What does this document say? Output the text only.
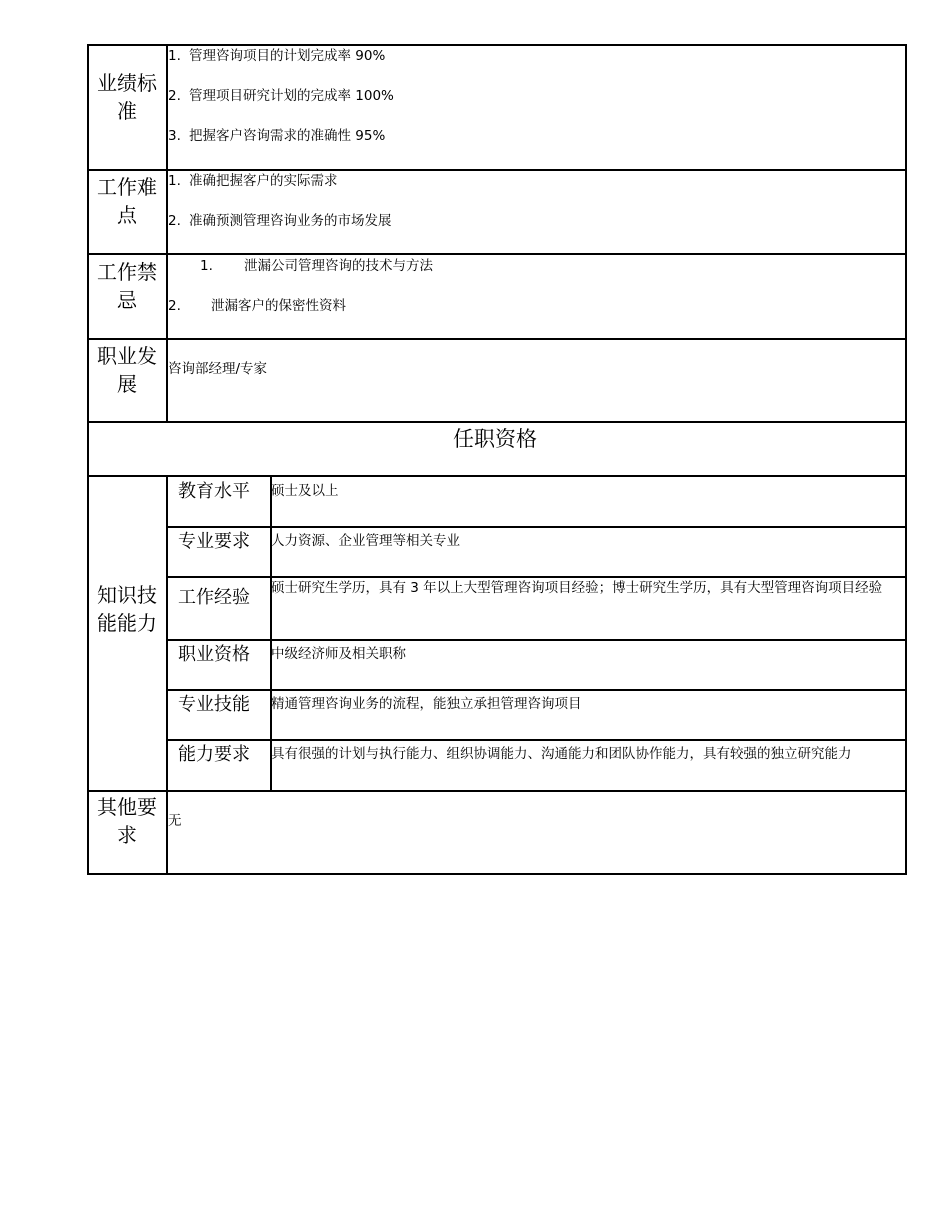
业绩标准
1. 管理咨询项目的计划完成率 90%
2. 管理项目研究计划的完成率 100%
3. 把握客户咨询需求的准确性 95%
工作难点
1. 准确把握客户的实际需求
2. 准确预测管理咨询业务的市场发展
工作禁忌
1. 泄漏公司管理咨询的技术与方法
2. 泄漏客户的保密性资料
职业发展
咨询部经理/专家
任职资格
知识技能能力
教育水平 硕士及以上
专业要求 人力资源、企业管理等相关专业
工作经验 硕士研究生学历，具有 3 年以上大型管理咨询项目经验；博士研究生学历，具有大型管理咨询项目经验
职业资格 中级经济师及相关职称
专业技能 精通管理咨询业务的流程，能独立承担管理咨询项目
能力要求 具有很强的计划与执行能力、组织协调能力、沟通能力和团队协作能力，具有较强的独立研究能力
其他要求
无
